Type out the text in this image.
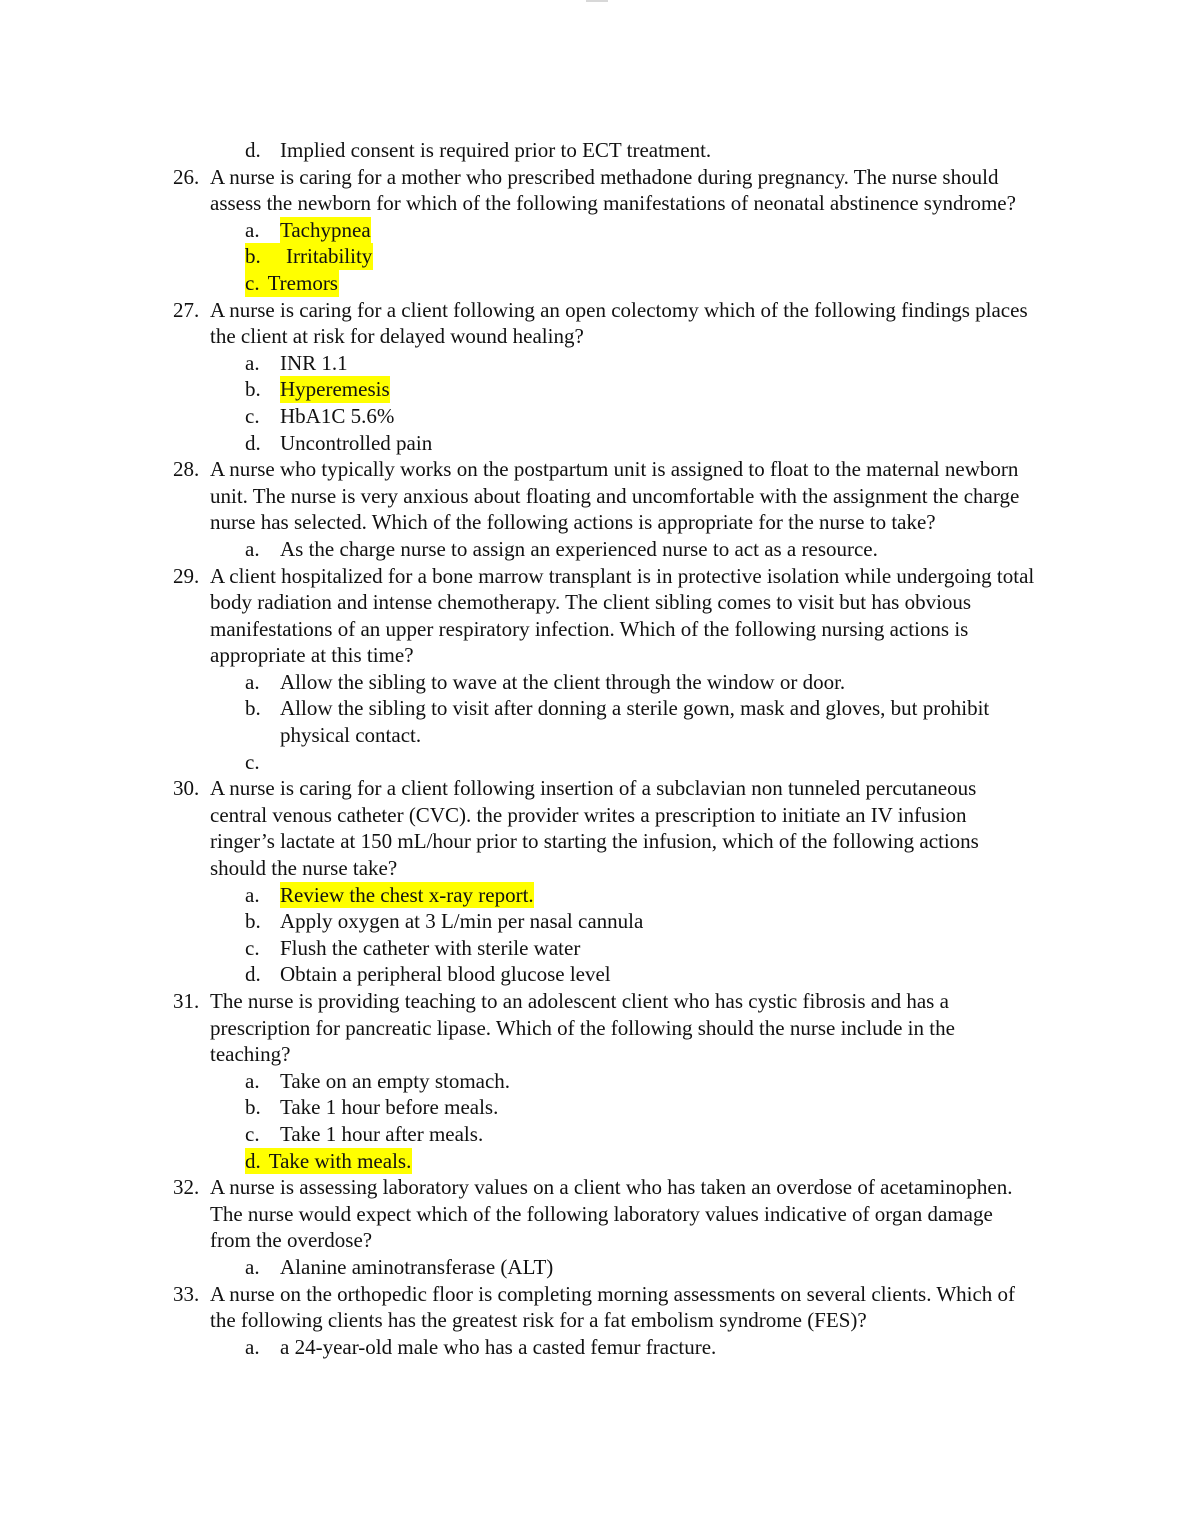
d. Implied consent is required prior to ECT treatment.
26. A nurse is caring for a mother who prescribed methadone during pregnancy. The nurse should
assess the newborn for which of the following manifestations of neonatal abstinence syndrome?
a. Tachypnea
b. Irritability
c. Tremors
27. A nurse is caring for a client following an open colectomy which of the following findings places
the client at risk for delayed wound healing?
a. INR 1.1
b. Hyperemesis
c. HbA1C 5.6%
d. Uncontrolled pain
28. A nurse who typically works on the postpartum unit is assigned to float to the maternal newborn
unit. The nurse is very anxious about floating and uncomfortable with the assignment the charge
nurse has selected. Which of the following actions is appropriate for the nurse to take?
a. As the charge nurse to assign an experienced nurse to act as a resource.
29. A client hospitalized for a bone marrow transplant is in protective isolation while undergoing total
body radiation and intense chemotherapy. The client sibling comes to visit but has obvious
manifestations of an upper respiratory infection. Which of the following nursing actions is
appropriate at this time?
a. Allow the sibling to wave at the client through the window or door.
b. Allow the sibling to visit after donning a sterile gown, mask and gloves, but prohibit
physical contact.
c.
30. A nurse is caring for a client following insertion of a subclavian non tunneled percutaneous
central venous catheter (CVC). the provider writes a prescription to initiate an IV infusion
ringer’s lactate at 150 mL/hour prior to starting the infusion, which of the following actions
should the nurse take?
a. Review the chest x-ray report.
b. Apply oxygen at 3 L/min per nasal cannula
c. Flush the catheter with sterile water
d. Obtain a peripheral blood glucose level
31. The nurse is providing teaching to an adolescent client who has cystic fibrosis and has a
prescription for pancreatic lipase. Which of the following should the nurse include in the
teaching?
a. Take on an empty stomach.
b. Take 1 hour before meals.
c. Take 1 hour after meals.
d. Take with meals.
32. A nurse is assessing laboratory values on a client who has taken an overdose of acetaminophen.
The nurse would expect which of the following laboratory values indicative of organ damage
from the overdose?
a. Alanine aminotransferase (ALT)
33. A nurse on the orthopedic floor is completing morning assessments on several clients. Which of
the following clients has the greatest risk for a fat embolism syndrome (FES)?
a. a 24-year-old male who has a casted femur fracture.
